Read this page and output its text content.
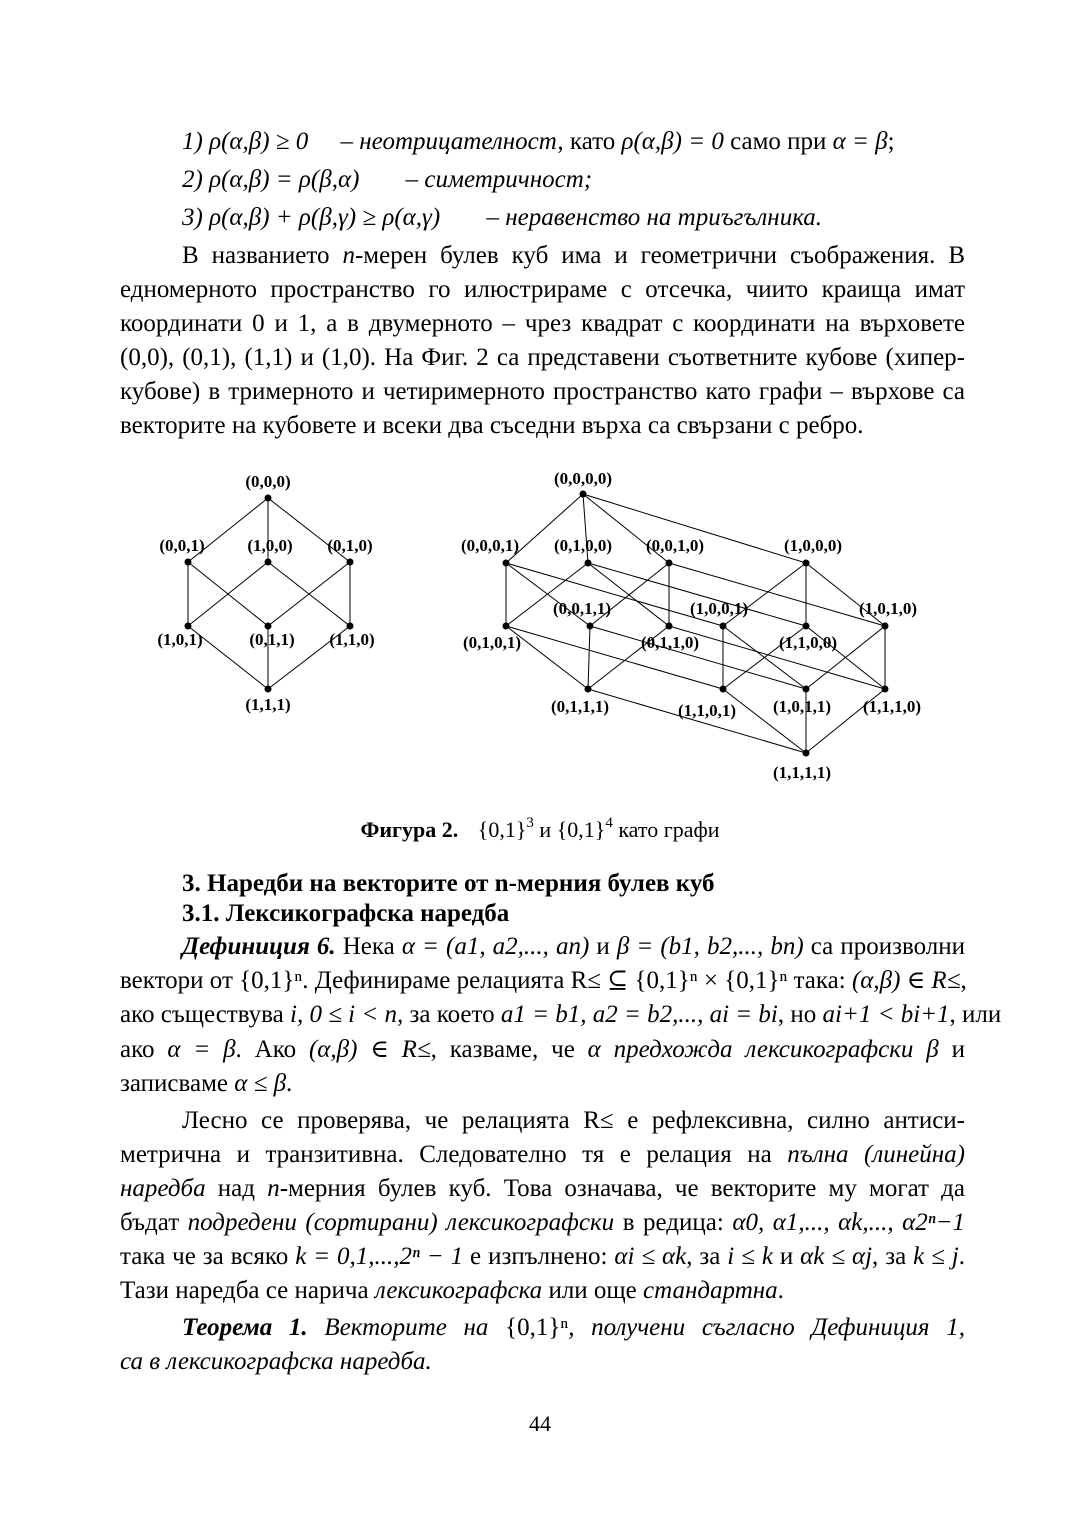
1) ρ(α,β) ≥ 0 – неотрицателност, като ρ(α,β) = 0 само при α = β;
2) ρ(α,β) = ρ(β,α) – симетричност;
3) ρ(α,β) + ρ(β,γ) ≥ ρ(α,γ) – неравенство на триъгълника.
В названието n-мерен булев куб има и геометрични съображения. В
едномерното пространство го илюстрираме с отсечка, чиито краища имат
координати 0 и 1, а в двумерното – чрез квадрат с координати на върховете
(0,0), (0,1), (1,1) и (1,0). На Фиг. 2 са представени съответните кубове (хипер-
кубове) в тримерното и четиримерното пространство като графи – върхове са
векторите на кубовете и всеки два съседни върха са свързани с ребро.
(0,0,0)
(0,0,1)	(1,0,0) (0,1,0)
(1,0,1)	(0,1,1) (1,1,0)
(1,1,1)
(0,0,0,0)
(0,0,0,1) (0,1,0,0) (0,0,1,0)	(1,0,0,0)
(0,0,1,1)	(1,0,0,1)	(1,0,1,0)
(0,1,0,1)	(0,1,1,0)	(1,1,0,0)
(0,1,1,1)	(1,1,0,1) (1,0,1,1) (1,1,1,0)
(1,1,1,1)
Фигура 2. $\{0,1\}^3$ и $\{0,1\}^4$ като графи
3. Наредби на векторите от n-мерния булев куб
3.1. Лексикографска наредба
Дефиниция 6. Нека α = (a1, a2,..., an) и β = (b1, b2,..., bn) са произволни
вектори от {0,1}ⁿ. Дефинираме релацията R≤ ⊆ {0,1}ⁿ × {0,1}ⁿ така: (α,β) ∈ R≤,
ако съществува i, 0 ≤ i < n, за което a1 = b1, a2 = b2,..., ai = bi, но ai+1 < bi+1, или
ако α = β. Ако (α,β) ∈ R≤, казваме, че α предхожда лексикографски β и
записваме α ≤ β.
Лесно се проверява, че релацията R≤ е рефлексивна, силно антиси-
метрична и транзитивна. Следователно тя е релация на пълна (линейна)
наредба над n-мерния булев куб. Това означава, че векторите му могат да
бъдат подредени (сортирани) лексикографски в редица: α0, α1,..., αk,..., α2ⁿ−1
така че за всяко k = 0,1,...,2ⁿ − 1 е изпълнено: αi ≤ αk, за i ≤ k и αk ≤ αj, за k ≤ j.
Тази наредба се нарича лексикографска или още стандартна.
Теорема 1. Векторите на {0,1}ⁿ, получени съгласно Дефиниция 1,
са в лексикографска наредба.
44
